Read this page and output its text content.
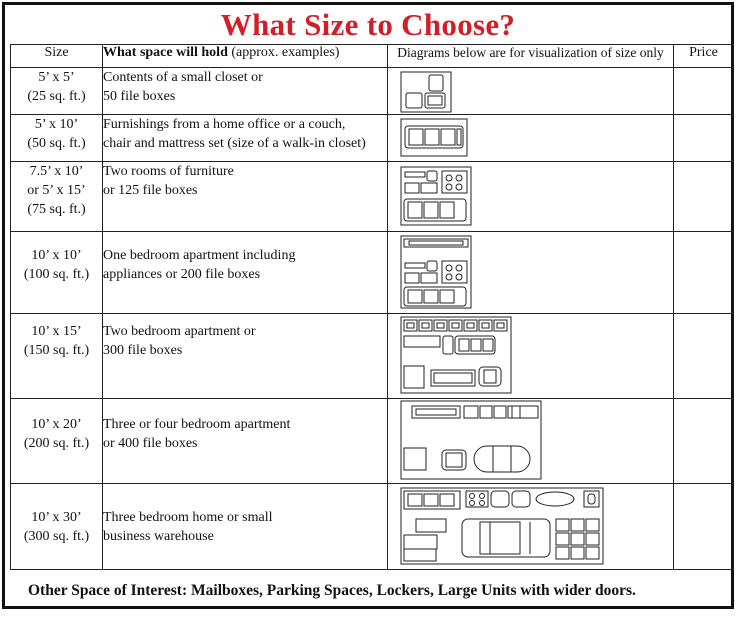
What Size to Choose?
Size	What space will hold (approx. examples)	Diagrams below are for visualization of size only	Price

5’ x 5’
(25 sq. ft.)	Contents of a small closet or
50 file boxes

5’ x 10’
(50 sq. ft.)	Furnishings from a home office or a couch,
chair and mattress set (size of a walk-in closet)

7.5’ x 10’
or 5’ x 15’
(75 sq. ft.)	Two rooms of furniture
or 125 file boxes

10’ x 10’
(100 sq. ft.)	One bedroom apartment including
appliances or 200 file boxes

10’ x 15’
(150 sq. ft.)	Two bedroom apartment or
300 file boxes

10’ x 20’
(200 sq. ft.)	Three or four bedroom apartment
or 400 file boxes

10’ x 30’
(300 sq. ft.)	Three bedroom home or small
business warehouse

Other Space of Interest: Mailboxes, Parking Spaces, Lockers, Large Units with wider doors.
